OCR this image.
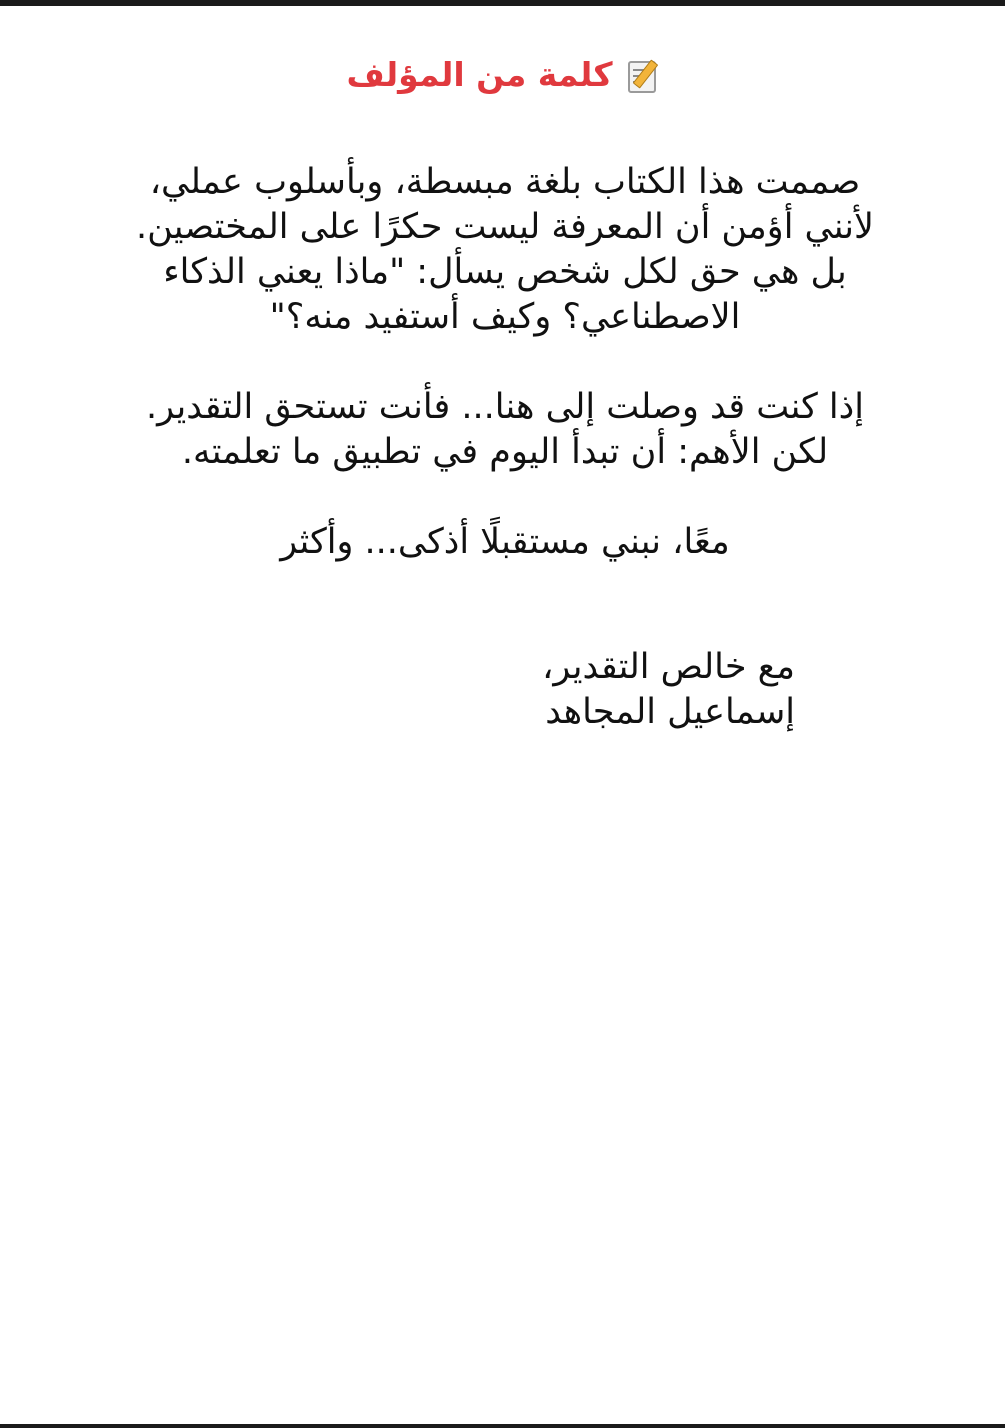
كلمة من المؤلف

صممت هذا الكتاب بلغة مبسطة، وبأسلوب عملي،
لأنني أؤمن أن المعرفة ليست حكرًا على المختصين.
بل هي حق لكل شخص يسأل: "ماذا يعني الذكاء
الاصطناعي؟ وكيف أستفيد منه؟"

إذا كنت قد وصلت إلى هنا... فأنت تستحق التقدير.
لكن الأهم: أن تبدأ اليوم في تطبيق ما تعلمته.

معًا، نبني مستقبلًا أذكى... وأكثر

مع خالص التقدير،
إسماعيل المجاهد
